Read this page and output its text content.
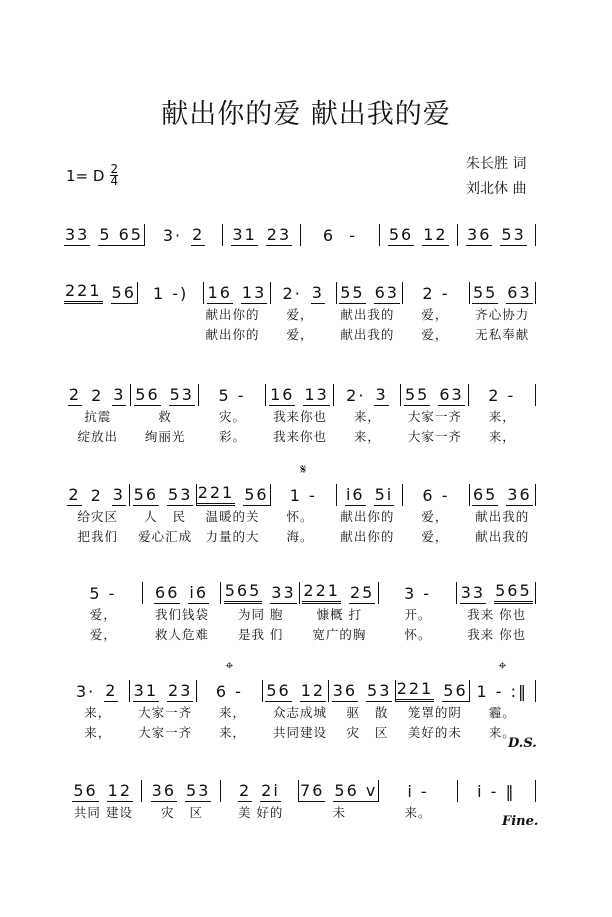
献出你的爱 献出我的爱
1= D $\frac{2}{4}$	朱长胜 词
刘北休 曲
33 5 65 3· 2 31 23 6  - 56 12 36 53
221 56 1 -) 16 13 2· 3 55 63 2 - 55 63
献出你的	爱，	献出我的	爱，	齐心协力
献出你的	爱，	献出我的	爱，	无私奉献
2 2 3 56 53 5 - 16 13 2· 3 55 63 2 -
抗震	救	灾。	我来你也	来，	大家一齐	来，
绽放出	绚丽光	彩。	我来你也	来，	大家一齐	来，
2 2 3 56 53 221 56 1 -
𝄋
i6 5i 6 - 65 36
给灾区	人   民	温暖的关	怀。	献出你的	爱，	献出我的
把我们	爱心汇成	力量的大	海。	献出你的	爱，	献出我的
5 - 66 i6 565 33 221 25 3 - 33 565
爱，	我们钱袋	为同 胞	慷概 打	开。	我来 你也
爱，	救人危难	是我 们	宽广的胸	怀。	我来 你也
3· 2 31 23 6 -
⌖
56 12 36 53 221 56 1 - :‖
⌖
来，	大家一齐	来，	众志成城	驱   散	笼罩的阴	霾。
来，	大家一齐	来，	共同建设	灾   区	美好的未	来。
56 12 36 53 2 2i 76 56 v i -	i - ‖
共同 建设	灾   区	美 好的	未	来。
D.S.
Fine.
